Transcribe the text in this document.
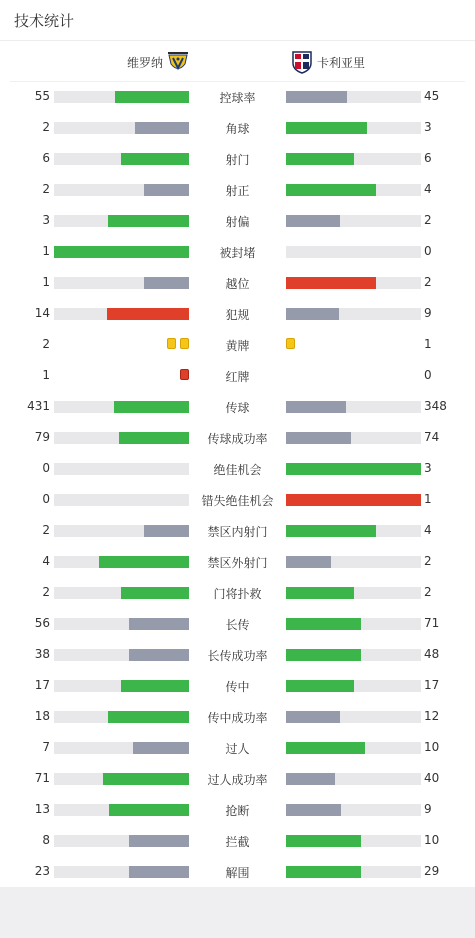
技术统计
维罗纳	卡利亚里
55	控球率	45
2	角球	3
6	射门	6
2	射正	4
3	射偏	2
1	被封堵	0
1	越位	2
14	犯规	9
2	黄牌	1
1	红牌	0
431	传球	348
79	传球成功率	74
0	绝佳机会	3
0	错失绝佳机会	1
2	禁区内射门	4
4	禁区外射门	2
2	门将扑救	2
56	长传	71
38	长传成功率	48
17	传中	17
18	传中成功率	12
7	过人	10
71	过人成功率	40
13	抢断	9
8	拦截	10
23	解围	29
